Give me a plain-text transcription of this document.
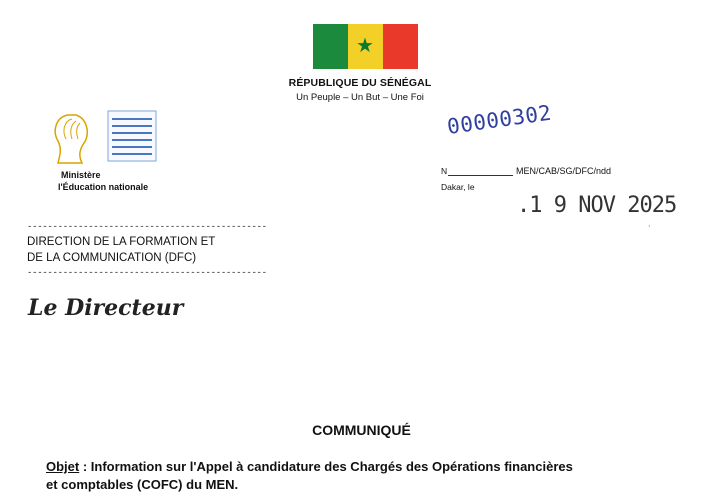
★
RÉPUBLIQUE DU SÉNÉGAL
Un Peuple – Un But – Une Foi
Ministère
l'Éducation nationale
00000302
N	MEN/CAB/SG/DFC/ndd
Dakar, le
.1 9 NOV 2025
,
-----------------------------------------------
DIRECTION DE LA FORMATION ET
DE LA COMMUNICATION (DFC)
-----------------------------------------------
Le Directeur
COMMUNIQUÉ
Objet : Information sur l'Appel à candidature des Chargés des Opérations financières
et comptables (COFC) du MEN.
